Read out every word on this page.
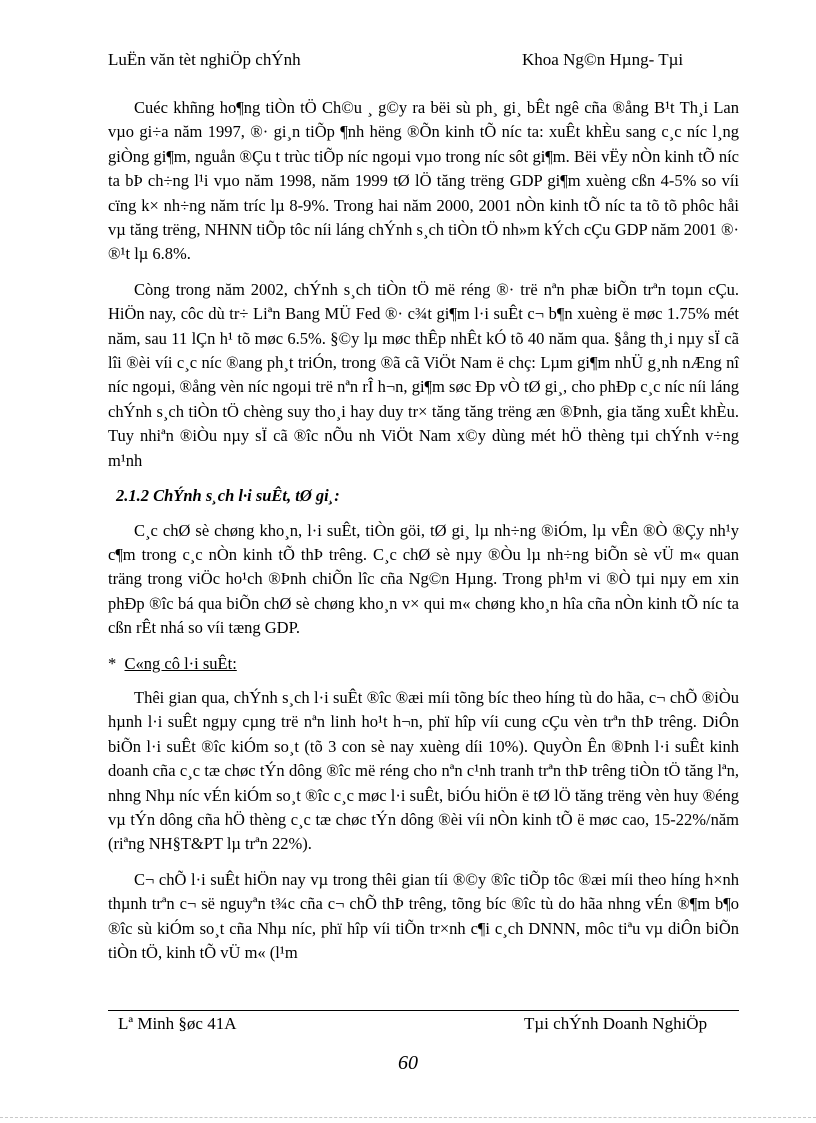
LuËn văn tèt nghiÖp chÝnh	Khoa Ng©n Hµng- Tµi

Cuéc khñng ho¶ng tiÒn tÖ Ch©u ¸ g©y ra bëi sù ph¸ gi¸ bÊt ngê cña ®ång B¹t Th¸i Lan vµo gi÷a năm 1997, ®· gi¸n tiÕp ¶nh hëng ®Õn kinh tÕ níc ta: xuÊt khÈu sang c¸c níc l¸ng giÒng gi¶m, nguån ®Çu t trùc tiÕp níc ngoµi vµo trong níc sôt gi¶m. Bëi vËy nÒn kinh tÕ níc ta bÞ ch÷ng l¹i vµo năm 1998, năm 1999 tØ lÖ tăng trëng GDP gi¶m xuèng cßn 4-5% so víi cïng k× nh÷ng năm tríc lµ 8-9%. Trong hai năm 2000, 2001 nÒn kinh tÕ níc ta tõ tõ phôc håi vµ tăng trëng, NHNN tiÕp tôc níi láng chÝnh s¸ch tiÒn tÖ nh»m kÝch cÇu GDP năm 2001 ®· ®¹t lµ 6.8%.

Còng trong năm 2002, chÝnh s¸ch tiÒn tÖ më réng ®· trë nªn phæ biÕn trªn toµn cÇu. HiÖn nay, côc dù tr÷ Liªn Bang MÜ Fed ®· c¾t gi¶m l·i suÊt c¬ b¶n xuèng ë møc 1.75% mét năm, sau 11 lÇn h¹ tõ møc 6.5%. §©y lµ møc thÊp nhÊt kÓ tõ 40 năm qua. §ång th¸i nµy sÏ cã lîi ®èi víi c¸c níc ®ang ph¸t triÓn, trong ®ã cã ViÖt Nam ë chç: Lµm gi¶m nhÜ g¸nh nÆng nî níc ngoµi, ®ång vèn níc ngoµi trë nªn rÎ h¬n, gi¶m søc Ðp vÒ tØ gi¸, cho phÐp c¸c níc níi láng chÝnh s¸ch tiÒn tÖ chèng suy tho¸i hay duy tr× tăng tăng trëng æn ®Þnh, gia tăng xuÊt khÈu. Tuy nhiªn ®iÒu nµy sÏ cã ®îc nÕu nh ViÖt Nam x©y dùng mét hÖ thèng tµi chÝnh v÷ng m¹nh

2.1.2 ChÝnh s¸ch l·i suÊt, tØ gi¸:

C¸c chØ sè chøng kho¸n, l·i suÊt, tiÒn göi, tØ gi¸ lµ nh÷ng ®iÓm, lµ vÊn ®Ò ®Çy nh¹y c¶m trong c¸c nÒn kinh tÕ thÞ trêng. C¸c chØ sè nµy ®Òu lµ nh÷ng biÕn sè vÜ m« quan träng trong viÖc ho¹ch ®Þnh chiÕn lîc cña Ng©n Hµng. Trong ph¹m vi ®Ò tµi nµy em xin phÐp ®îc bá qua biÕn chØ sè chøng kho¸n v× qui m« chøng kho¸n hîa cña nÒn kinh tÕ níc ta cßn rÊt nhá so víi tæng GDP.

* C«ng cô l·i suÊt:

Thêi gian qua, chÝnh s¸ch l·i suÊt ®îc ®æi míi tõng bíc theo híng tù do hãa, c¬ chÕ ®iÒu hµnh l·i suÊt ngµy cµng trë nªn linh ho¹t h¬n, phï hîp víi cung cÇu vèn trªn thÞ trêng. DiÔn biÕn l·i suÊt ®îc kiÓm so¸t (tõ 3 con sè nay xuèng díi 10%). QuyÒn Ên ®Þnh l·i suÊt kinh doanh cña c¸c tæ chøc tÝn dông ®îc më réng cho nªn c¹nh tranh trªn thÞ trêng tiÒn tÖ tăng lªn, nhng Nhµ níc vÉn kiÓm so¸t ®îc c¸c møc l·i suÊt, biÓu hiÖn ë tØ lÖ tăng trëng vèn huy ®éng vµ tÝn dông cña hÖ thèng c¸c tæ chøc tÝn dông ®èi víi nÒn kinh tÕ ë møc cao, 15-22%/năm (riªng NH§T&PT lµ trªn 22%).

C¬ chÕ l·i suÊt hiÖn nay vµ trong thêi gian tíi ®©y ®îc tiÕp tôc ®æi míi theo híng h×nh thµnh trªn c¬ së nguyªn t¾c cña c¬ chÕ thÞ trêng, tõng bíc ®îc tù do hãa nhng vÉn ®¶m b¶o ®îc sù kiÓm so¸t cña Nhµ níc, phï hîp víi tiÕn tr×nh c¶i c¸ch DNNN, môc tiªu vµ diÔn biÕn tiÒn tÖ, kinh tÕ vÜ m« (l¹m

Lª Minh §øc 41A	Tµi chÝnh Doanh NghiÖp
60
